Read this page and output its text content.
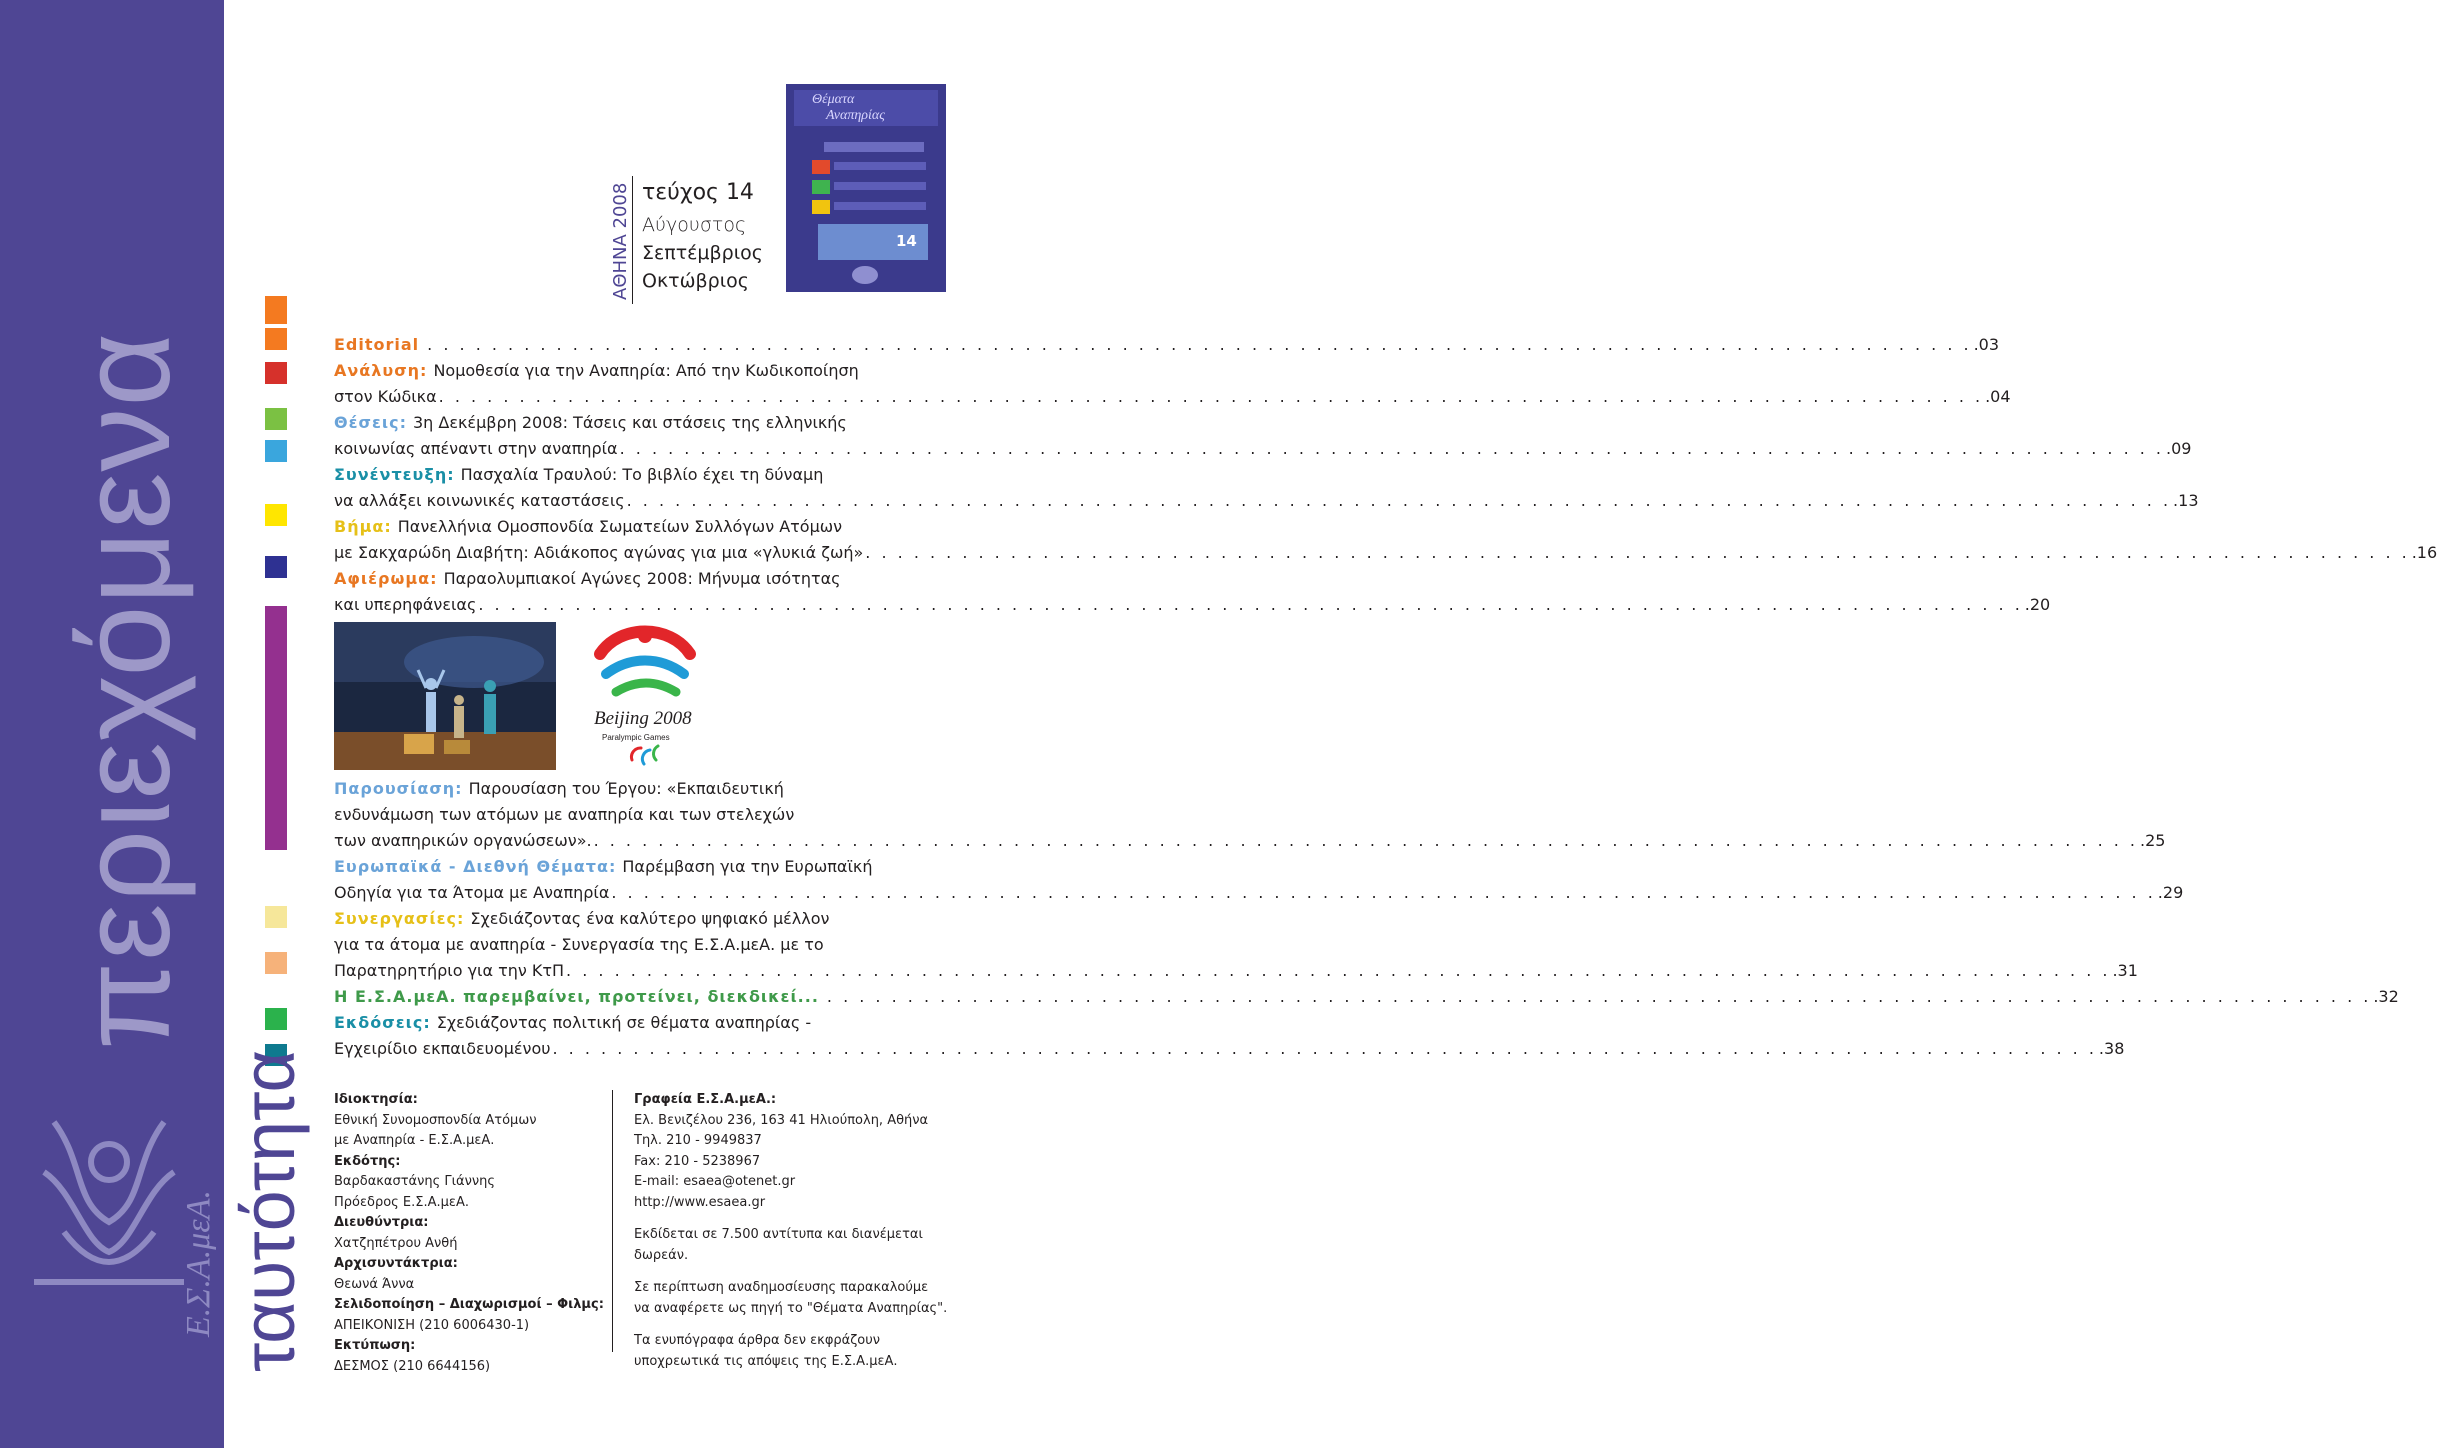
περιεχόμενα
Ε.Σ.Α.μεΑ. ταυτότητα
ΑΘΗΝΑ 2008 τεύχος 14
Αύγουστος
Σεπτέμβριος
Οκτώβριος
Θέματα
Αναπηρίας
14
Editorial . . .	.03
Ανάλυση: Νομοθεσία για την Αναπηρία: Από την Κωδικοποίηση
στον Κώδικα . . .	.04
Θέσεις: 3η Δεκέμβρη 2008: Τάσεις και στάσεις της ελληνικής
κοινωνίας απέναντι στην αναπηρία . . .	.09
Συνέντευξη: Πασχαλία Τραυλού: Το βιβλίο έχει τη δύναμη
να αλλάξει κοινωνικές καταστάσεις . . .	.13
Βήμα: Πανελλήνια Ομοσπονδία Σωματείων Συλλόγων Ατόμων
με Σακχαρώδη Διαβήτη: Αδιάκοπος αγώνας για μια «γλυκιά ζωή» . . .	.16
Αφιέρωμα: Παραολυμπιακοί Αγώνες 2008: Μήνυμα ισότητας
και υπερηφάνειας . . .	.20
Beijing 2008
Paralympic Games
Παρουσίαση: Παρουσίαση του Έργου: «Εκπαιδευτική
ενδυνάμωση των ατόμων με αναπηρία και των στελεχών
των αναπηρικών οργανώσεων». . . .	.25
Ευρωπαϊκά - Διεθνή Θέματα: Παρέμβαση για την Ευρωπαϊκή
Οδηγία για τα Άτομα με Αναπηρία . . .	.29
Συνεργασίες: Σχεδιάζοντας ένα καλύτερο ψηφιακό μέλλον
για τα άτομα με αναπηρία - Συνεργασία της Ε.Σ.Α.μεΑ. με το
Παρατηρητήριο για την ΚτΠ . . .	.31
Η Ε.Σ.Α.μεΑ. παρεμβαίνει, προτείνει, διεκδικεί... . . .	.32
Εκδόσεις: Σχεδιάζοντας πολιτική σε θέματα αναπηρίας -
Εγχειρίδιο εκπαιδευομένου . . .	.38
Ιδιοκτησία:
Εθνική Συνομοσπονδία Ατόμων
με Αναπηρία - Ε.Σ.Α.μεΑ.
Εκδότης:
Βαρδακαστάνης Γιάννης
Πρόεδρος Ε.Σ.Α.μεΑ.
Διευθύντρια:
Χατζηπέτρου Ανθή
Αρχισυντάκτρια:
Θεωνά Άννα
Σελιδοποίηση – Διαχωρισμοί – Φιλμς:
ΑΠΕΙΚΟΝΙΣΗ (210 6006430-1)
Εκτύπωση:
ΔΕΣΜΟΣ (210 6644156)
Γραφεία Ε.Σ.Α.μεΑ.:
Ελ. Βενιζέλου 236, 163 41 Ηλιούπολη, Αθήνα
Τηλ. 210 - 9949837
Fax: 210 - 5238967
E-mail: esaea@otenet.gr
http://www.esaea.gr
Εκδίδεται σε 7.500 αντίτυπα και διανέμεται
δωρεάν.
Σε περίπτωση αναδημοσίευσης παρακαλούμε
να αναφέρετε ως πηγή το "Θέματα Αναπηρίας".
Τα ενυπόγραφα άρθρα δεν εκφράζουν
υποχρεωτικά τις απόψεις της Ε.Σ.Α.μεΑ.
